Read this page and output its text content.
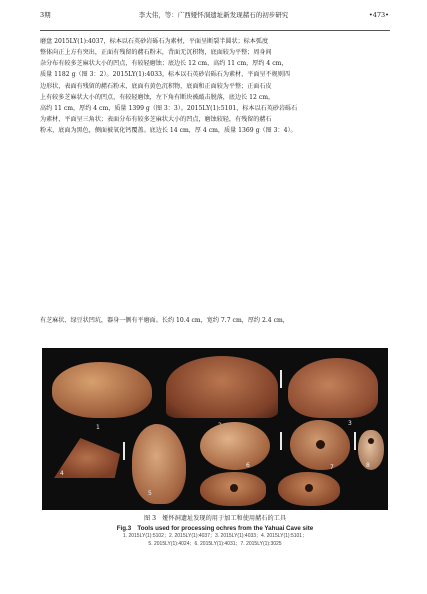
3期	李大伟，等：广西娅怀洞遗址新发现赭石的初步研究	•473•

磨盘 2015LY(1):4037，标本以石英砂岩砾石为素材，平面呈断裂半圆状；标本弧度

整体向正上方有突出，正面有残留的赭石粉末，背面无沉积物，底面较为平整；周身间

杂分布有较多芝麻状大小的凹点，有较轻磨蚀；底边长 12 cm，高约 11 cm，厚约 4 cm，

质量 1182 g（图 3：2）。2015LY(1):4033，标本以石英砂岩砾石为素材，平面呈不规则四

边形状，表面有残留的赭石粉末，底面有黄色沉积物，底面和正面较为平整；正面石皮

上有较多芝麻状大小的凹点，有较轻磨蚀，左下角有断块被敲击脱落，底边长 12 cm，

高约 11 cm，厚约 4 cm，质量 1399 g（图 3：3）。2015LY(1):5101，标本以石英砂岩砾石

为素材，平面呈三角状；表面分布有较多芝麻状大小的凹点，磨蚀较轻，有残留的赭石

粉末，底面为黑色，侧面被氧化钙覆盖。底边长 14 cm，厚 4 cm，质量 1369 g（图 3：4）。

有芝麻状、绿豆状凹坑，器身一侧有平磨面。长约 10.4 cm，宽约 7.7 cm，厚约 2.4 cm，

1
3
4
5
6	7	8
图 3　娅怀洞遗址发现的用于加工和使用赭石的工具
Fig.3　Tools used for processing ochres from the Yahuai Cave site
1. 2015LY(1):5102；2. 2015LY(1):4037；3. 2015LY(1):4033；4. 2015LY(1):5101；
5. 2015LY(1):4024；6. 2015LY(1):4031；7. 2015LY(1):3025
